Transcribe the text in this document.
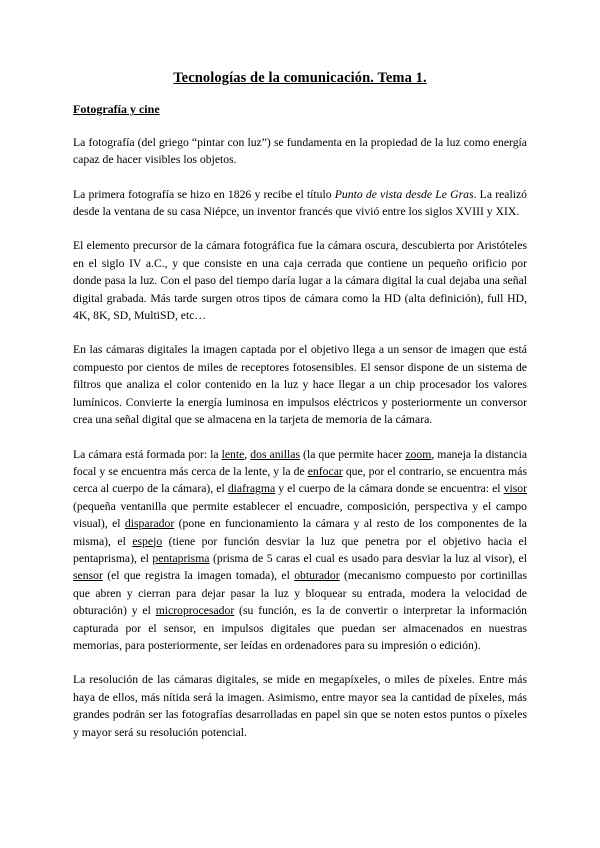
Tecnologías de la comunicación. Tema 1.
Fotografía y cine

La fotografía (del griego “pintar con luz”) se fundamenta en la propiedad de la luz como energía capaz de hacer visibles los objetos.

La primera fotografía se hizo en 1826 y recibe el título Punto de vista desde Le Gras. La realizó desde la ventana de su casa Niépce, un inventor francés que vivió entre los siglos XVIII y XIX.

El elemento precursor de la cámara fotográfica fue la cámara oscura, descubierta por Aristóteles en el siglo IV a.C., y que consiste en una caja cerrada que contiene un pequeño orificio por donde pasa la luz. Con el paso del tiempo daría lugar a la cámara digital la cual dejaba una señal digital grabada. Más tarde surgen otros tipos de cámara como la HD (alta definición), full HD, 4K, 8K, SD, MultiSD, etc…

En las cámaras digitales la imagen captada por el objetivo llega a un sensor de imagen que está compuesto por cientos de miles de receptores fotosensibles. El sensor dispone de un sistema de filtros que analiza el color contenido en la luz y hace llegar a un chip procesador los valores lumínicos. Convierte la energía luminosa en impulsos eléctricos y posteriormente un conversor crea una señal digital que se almacena en la tarjeta de memoria de la cámara.

La cámara está formada por: la lente, dos anillas (la que permite hacer zoom, maneja la distancia focal y se encuentra más cerca de la lente, y la de enfocar que, por el contrario, se encuentra más cerca al cuerpo de la cámara), el diafragma y el cuerpo de la cámara donde se encuentra: el visor (pequeña ventanilla que permite establecer el encuadre, composición, perspectiva y el campo visual), el disparador (pone en funcionamiento la cámara y al resto de los componentes de la misma), el espejo (tiene por función desviar la luz que penetra por el objetivo hacia el pentaprisma), el pentaprisma (prisma de 5 caras el cual es usado para desviar la luz al visor), el sensor (el que registra la imagen tomada), el obturador (mecanismo compuesto por cortinillas que abren y cierran para dejar pasar la luz y bloquear su entrada, modera la velocidad de obturación) y el microprocesador (su función, es la de convertir o interpretar la información capturada por el sensor, en impulsos digitales que puedan ser almacenados en nuestras memorias, para posteriormente, ser leídas en ordenadores para su impresión o edición).

La resolución de las cámaras digitales, se mide en megapíxeles, o miles de píxeles. Entre más haya de ellos, más nítida será la imagen. Asimismo, entre mayor sea la cantidad de píxeles, más grandes podrán ser las fotografías desarrolladas en papel sin que se noten estos puntos o píxeles y mayor será su resolución potencial.
